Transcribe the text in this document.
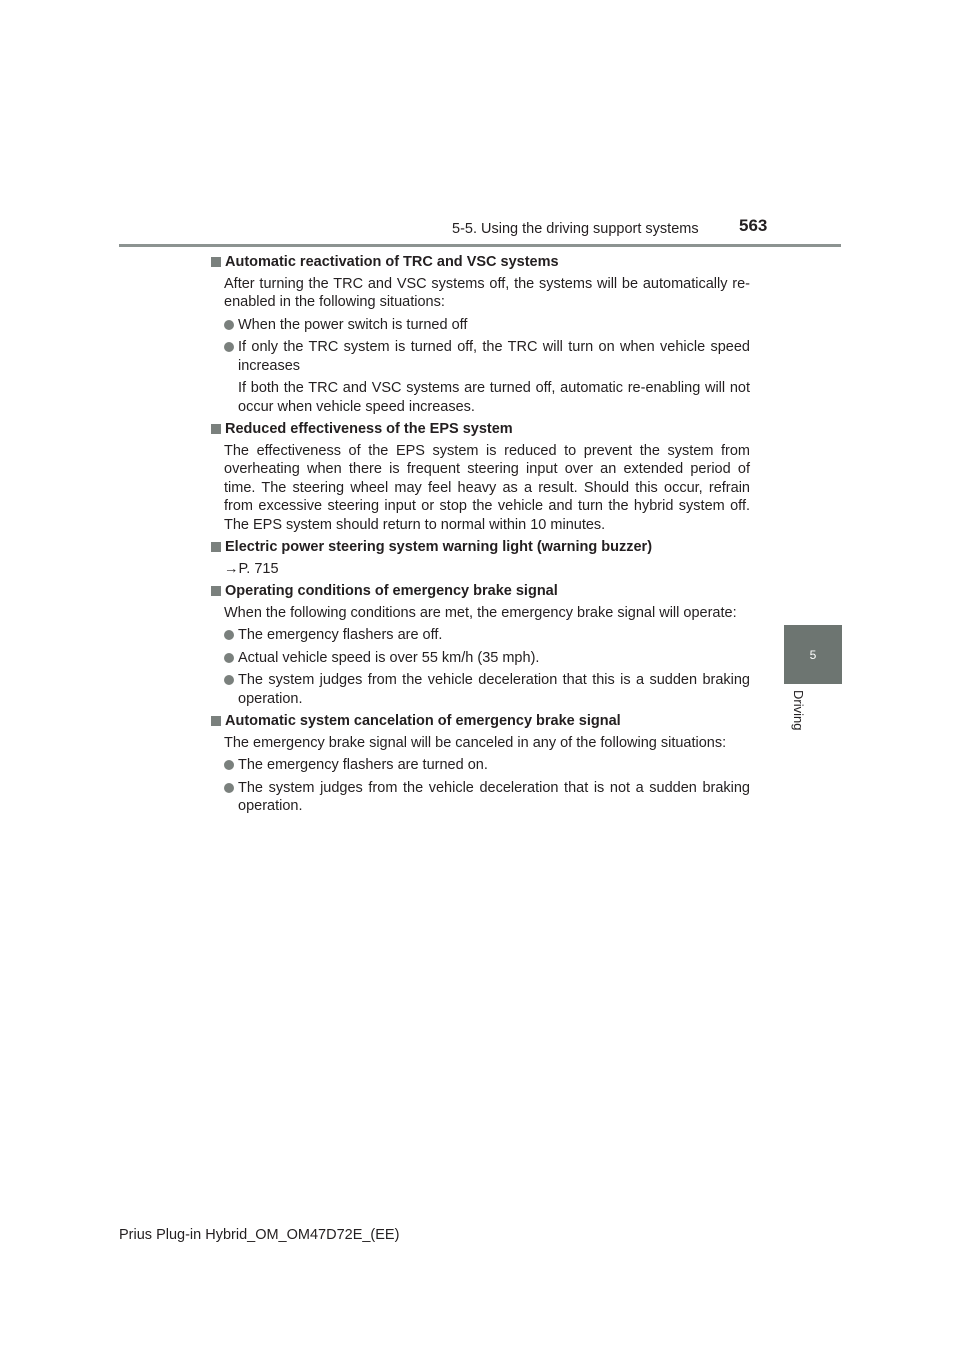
5-5. Using the driving support systems 563
5
Driving
Automatic reactivation of TRC and VSC systems
After turning the TRC and VSC systems off, the systems will be automatically re-enabled in the following situations:
When the power switch is turned off
If only the TRC system is turned off, the TRC will turn on when vehicle speed increases
If both the TRC and VSC systems are turned off, automatic re-enabling will not occur when vehicle speed increases.
Reduced effectiveness of the EPS system
The effectiveness of the EPS system is reduced to prevent the system from overheating when there is frequent steering input over an extended period of time. The steering wheel may feel heavy as a result. Should this occur, refrain from excessive steering input or stop the vehicle and turn the hybrid system off. The EPS system should return to normal within 10 minutes.
Electric power steering system warning light (warning buzzer)
→P. 715
Operating conditions of emergency brake signal
When the following conditions are met, the emergency brake signal will operate:
The emergency flashers are off.
Actual vehicle speed is over 55 km/h (35 mph).
The system judges from the vehicle deceleration that this is a sudden braking operation.
Automatic system cancelation of emergency brake signal
The emergency brake signal will be canceled in any of the following situations:
The emergency flashers are turned on.
The system judges from the vehicle deceleration that is not a sudden braking operation.
Prius Plug-in Hybrid_OM_OM47D72E_(EE)
